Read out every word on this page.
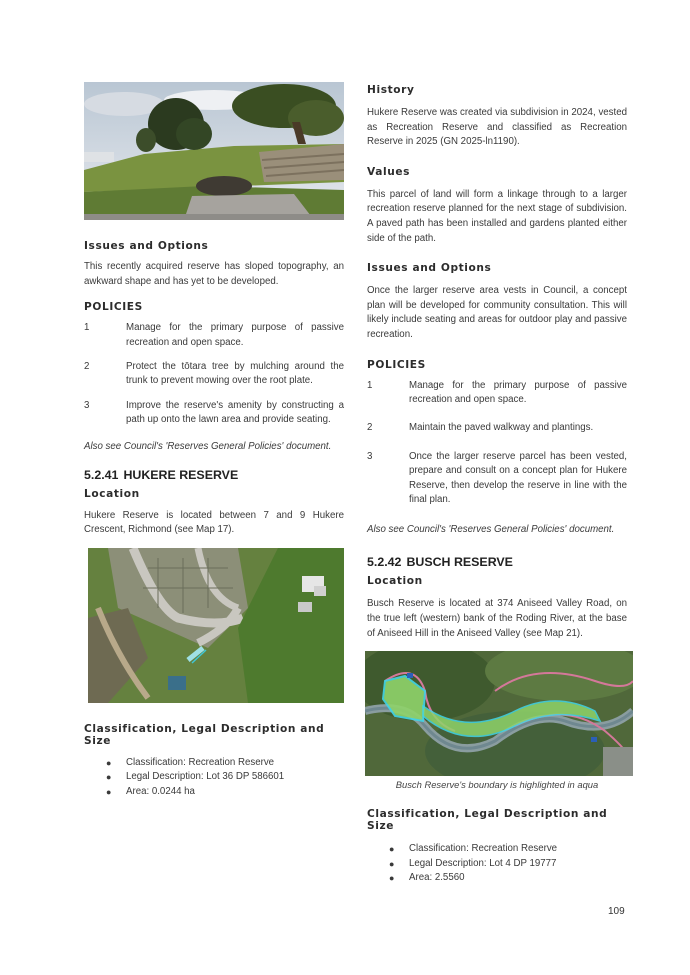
Issues and Options

This recently acquired reserve has sloped topography, an awkward shape and has yet to be developed.

POLICIES
1	Manage for the primary purpose of passive recreation and open space.
2	Protect the tōtara tree by mulching around the trunk to prevent mowing over the root plate.
3	Improve the reserve's amenity by constructing a path up onto the lawn area and provide seating.

Also see Council's 'Reserves General Policies' document.

5.2.41 HUKERE RESERVE
Location

Hukere Reserve is located between 7 and 9 Hukere Crescent, Richmond (see Map 17).

Classification, Legal Description and Size
●	Classification: Recreation Reserve
●	Legal Description: Lot 36 DP 586601
●	Area: 0.0244 ha
History

Hukere Reserve was created via subdivision in 2024, vested as Recreation Reserve and classified as Recreation Reserve in 2025 (GN 2025-ln1190).

Values

This parcel of land will form a linkage through to a larger recreation reserve planned for the next stage of subdivision. A paved path has been installed and gardens planted either side of the path.

Issues and Options

Once the larger reserve area vests in Council, a concept plan will be developed for community consultation. This will likely include seating and areas for outdoor play and passive recreation.

POLICIES
1	Manage for the primary purpose of passive recreation and open space.
2	Maintain the paved walkway and plantings.
3	Once the larger reserve parcel has been vested, prepare and consult on a concept plan for Hukere Reserve, then develop the reserve in line with the final plan.

Also see Council's 'Reserves General Policies' document.

5.2.42 BUSCH RESERVE
Location

Busch Reserve is located at 374 Aniseed Valley Road, on the true left (western) bank of the Roding River, at the base of Aniseed Hill in the Aniseed Valley (see Map 21).

Busch Reserve's boundary is highlighted in aqua

Classification, Legal Description and Size
●	Classification: Recreation Reserve
●	Legal Description: Lot 4 DP 19777
●	Area: 2.5560
109
